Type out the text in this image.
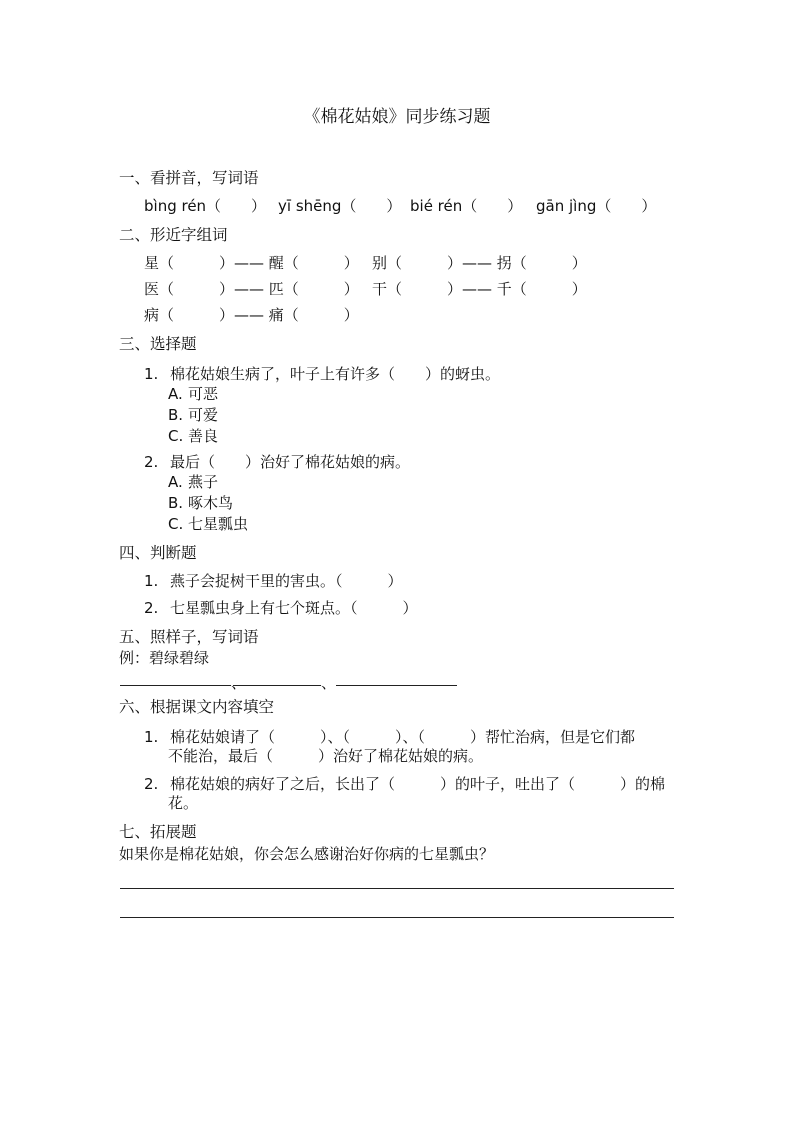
《棉花姑娘》同步练习题
一、看拼音，写词语
bìng rén（　　） yī shēng（　　） bié rén（　　） gān jìng（　　）
二、形近字组词
星（　　　）—— 醒（　　　） 别（　　　）—— 拐（　　　）
医（　　　）—— 匹（　　　） 干（　　　）—— 千（　　　）
病（　　　）—— 痛（　　　）
三、选择题
1. 棉花姑娘生病了，叶子上有许多（　　）的蚜虫。
A. 可恶
B. 可爱
C. 善良
2. 最后（　　）治好了棉花姑娘的病。
A. 燕子
B. 啄木鸟
C. 七星瓢虫
四、判断题
1. 燕子会捉树干里的害虫。（　　　）
2. 七星瓢虫身上有七个斑点。（　　　）
五、照样子，写词语
例：碧绿碧绿
、	、
六、根据课文内容填空
1. 棉花姑娘请了（　　　）、（　　　）、（　　　）帮忙治病，但是它们都
不能治，最后（　　　）治好了棉花姑娘的病。
2. 棉花姑娘的病好了之后，长出了（　　　）的叶子，吐出了（　　　）的棉
花。
七、拓展题
如果你是棉花姑娘，你会怎么感谢治好你病的七星瓢虫？
